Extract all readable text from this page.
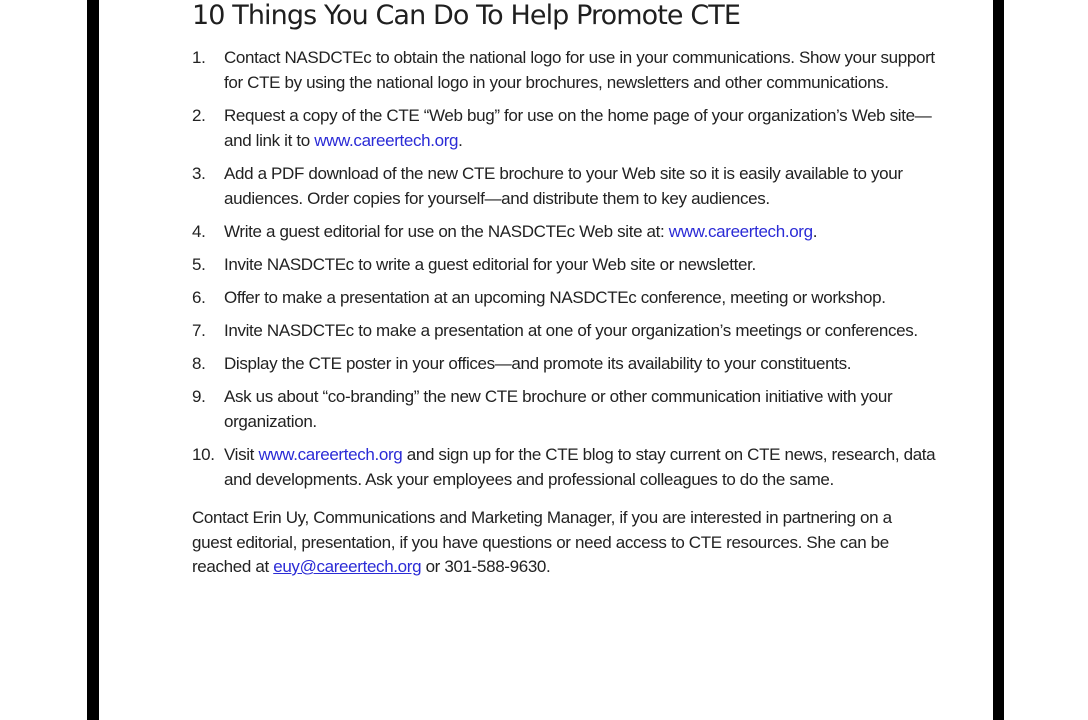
10 Things You Can Do To Help Promote CTE
1. Contact NASDCTEc to obtain the national logo for use in your communications. Show your support for CTE by using the national logo in your brochures, newsletters and other communications.
2. Request a copy of the CTE “Web bug” for use on the home page of your organization’s Web site—and link it to www.careertech.org.
3. Add a PDF download of the new CTE brochure to your Web site so it is easily available to your audiences. Order copies for yourself—and distribute them to key audiences.
4. Write a guest editorial for use on the NASDCTEc Web site at: www.careertech.org.
5. Invite NASDCTEc to write a guest editorial for your Web site or newsletter.
6. Offer to make a presentation at an upcoming NASDCTEc conference, meeting or workshop.
7. Invite NASDCTEc to make a presentation at one of your organization’s meetings or conferences.
8. Display the CTE poster in your offices—and promote its availability to your constituents.
9. Ask us about “co-branding” the new CTE brochure or other communication initiative with your organization.
10. Visit www.careertech.org and sign up for the CTE blog to stay current on CTE news, research, data and developments. Ask your employees and professional colleagues to do the same.

Contact Erin Uy, Communications and Marketing Manager, if you are interested in partnering on a guest editorial, presentation, if you have questions or need access to CTE resources. She can be reached at euy@careertech.org or 301-588-9630.
